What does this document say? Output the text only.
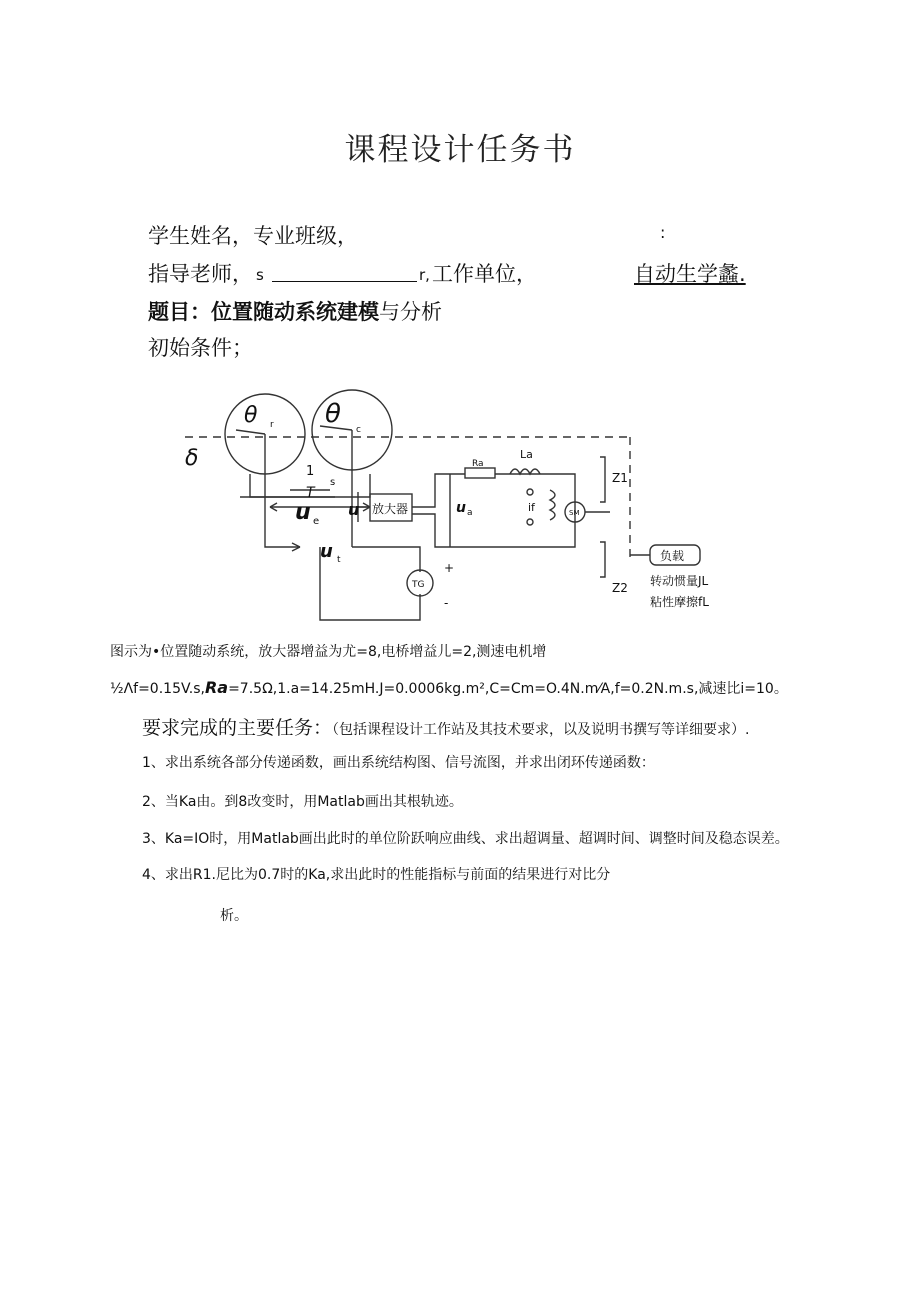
课程设计任务书
学生姓名，专业班级，	:
指导老师， s	r, 工作单位，	自动生学蠡.
题目：位置随动系统建模与分析
初始条件；
θ r θ
c
δ
1
T
s
u e
u 放大器	u a
Ra
La
if	SM
Z1
Z2
u t
TG
+
-
负载
转动惯量JL
粘性摩擦fL
图示为•位置随动系统，放大器增益为尤=8,电桥增益儿=2,测速电机增
½Λf=0.15V.s,Ra=7.5Ω,1.a=14.25mH.J=0.0006kg.m²,C=Cm=O.4N.m⁄A,f=0.2N.m.s,减速比i=10。
要求完成的主要任务：（包括课程设计工作站及其技术要求，以及说明书撰写等详细要求）.
1、求出系统各部分传递函数，画出系统结构图、信号流图，并求出闭环传递函数：
2、当Ka由。到8改变时，用Matlab画出其根轨迹。
3、Ka=IO时，用Matlab画出此时的单位阶跃响应曲线、求出超调量、超调时间、调整时间及稳态误差。
4、求出R1.尼比为0.7时的Ka,求出此时的性能指标与前面的结果进行对比分
析。
